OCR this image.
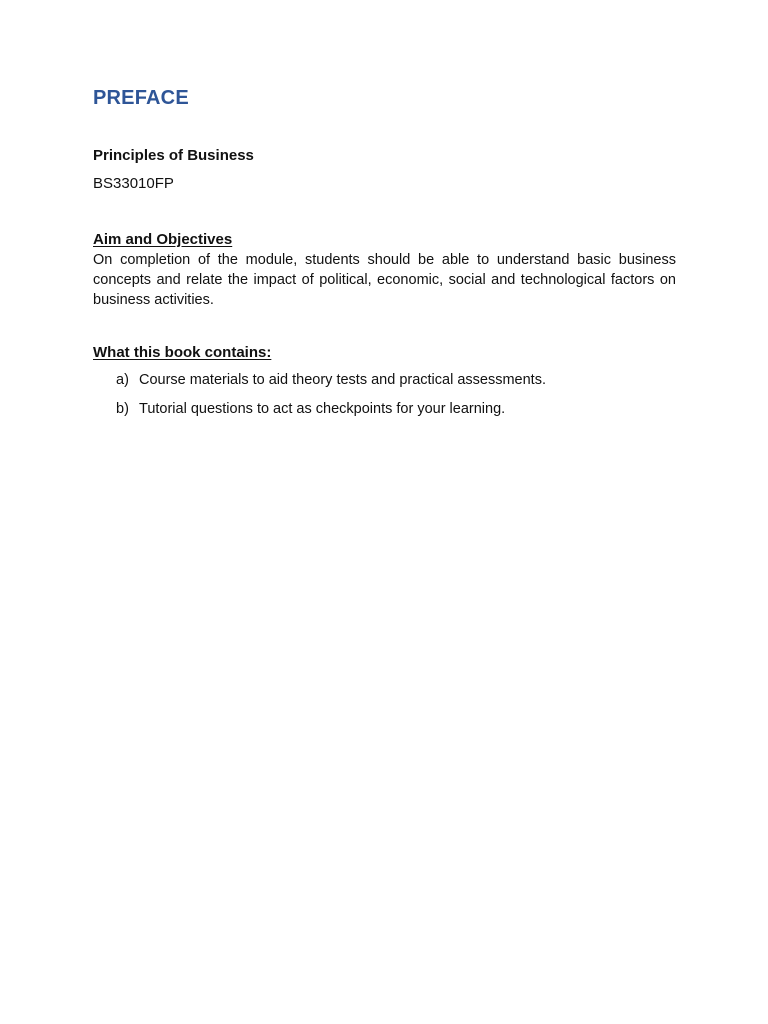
PREFACE

Principles of Business

BS33010FP

Aim and Objectives

On completion of the module, students should be able to understand basic business concepts and relate the impact of political, economic, social and technological factors on business activities.

What this book contains:
a) Course materials to aid theory tests and practical assessments.
b) Tutorial questions to act as checkpoints for your learning.
